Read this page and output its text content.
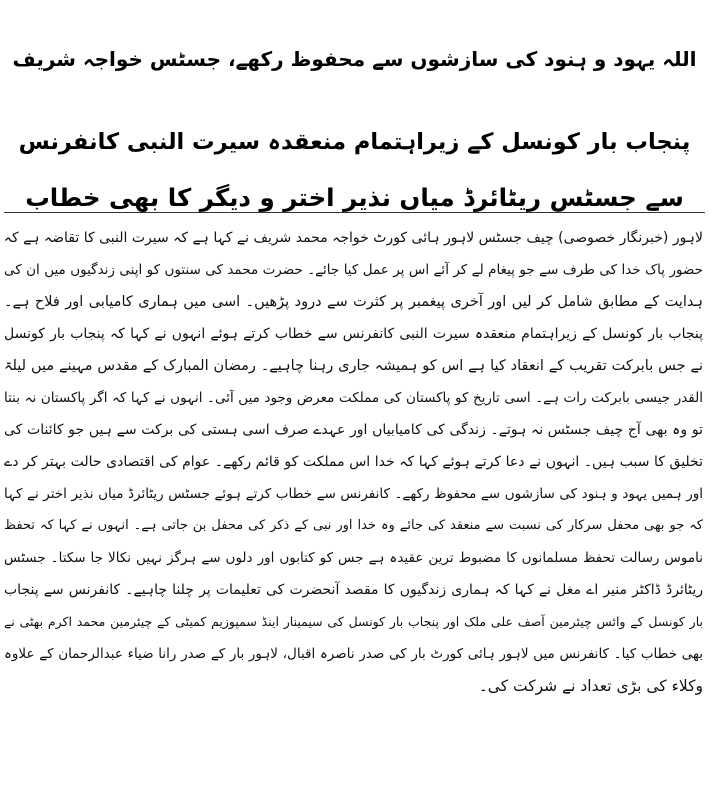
اللہ یہود و ہنود کی سازشوں سے محفوظ رکھے، جسٹس خواجہ شریف
پنجاب بار کونسل کے زیراہتمام منعقدہ سیرت النبی کانفرنس
سے جسٹس ریٹائرڈ میاں نذیر اختر و دیگر کا بھی خطاب
لاہور (خبرنگار خصوصی) چیف جسٹس لاہور ہائی کورٹ خواجہ محمد شریف نے کہا ہے کہ سیرت النبی کا تقاضہ ہے کہ
حضور پاک خدا کی طرف سے جو پیغام لے کر آئے اس پر عمل کیا جائے۔ حضرت محمد کی سنتوں کو اپنی زندگیوں میں ان کی
ہدایت کے مطابق شامل کر لیں اور آخری پیغمبر پر کثرت سے درود پڑھیں۔ اسی میں ہماری کامیابی اور فلاح ہے۔
پنجاب بار کونسل کے زیراہتمام منعقدہ سیرت النبی کانفرنس سے خطاب کرتے ہوئے انہوں نے کہا کہ پنجاب بار کونسل
نے جس بابرکت تقریب کے انعقاد کیا ہے اس کو ہمیشہ جاری رہنا چاہیے۔ رمضان المبارک کے مقدس مہینے میں لیلۃ
القدر جیسی بابرکت رات ہے۔ اسی تاریخ کو پاکستان کی مملکت معرض وجود میں آئی۔ انہوں نے کہا کہ اگر پاکستان نہ بنتا
تو وہ بھی آج چیف جسٹس نہ ہوتے۔ زندگی کی کامیابیاں اور عہدے صرف اسی ہستی کی برکت سے ہیں جو کائنات کی
تخلیق کا سبب ہیں۔ انہوں نے دعا کرتے ہوئے کہا کہ خدا اس مملکت کو قائم رکھے۔ عوام کی اقتصادی حالت بہتر کر دے
اور ہمیں یہود و ہنود کی سازشوں سے محفوظ رکھے۔ کانفرنس سے خطاب کرتے ہوئے جسٹس ریٹائرڈ میاں نذیر اختر نے کہا
کہ جو بھی محفل سرکار کی نسبت سے منعقد کی جائے وہ خدا اور نبی کے ذکر کی محفل بن جاتی ہے۔ انہوں نے کہا کہ تحفظ
ناموس رسالت تحفظ مسلمانوں کا مضبوط ترین عقیدہ ہے جس کو کتابوں اور دلوں سے ہرگز نہیں نکالا جا سکتا۔ جسٹس
ریٹائرڈ ڈاکٹر منیر اے مغل نے کہا کہ ہماری زندگیوں کا مقصد آنحضرت کی تعلیمات پر چلنا چاہیے۔ کانفرنس سے پنجاب
بار کونسل کے وائس چیئرمین آصف علی ملک اور پنجاب بار کونسل کی سیمینار اینڈ سمپوزیم کمیٹی کے چیئرمین محمد اکرم بھٹی نے
بھی خطاب کیا۔ کانفرنس میں لاہور ہائی کورٹ بار کی صدر ناصرہ اقبال، لاہور بار کے صدر رانا ضیاء عبدالرحمان کے علاوہ
وکلاء کی بڑی تعداد نے شرکت کی۔
